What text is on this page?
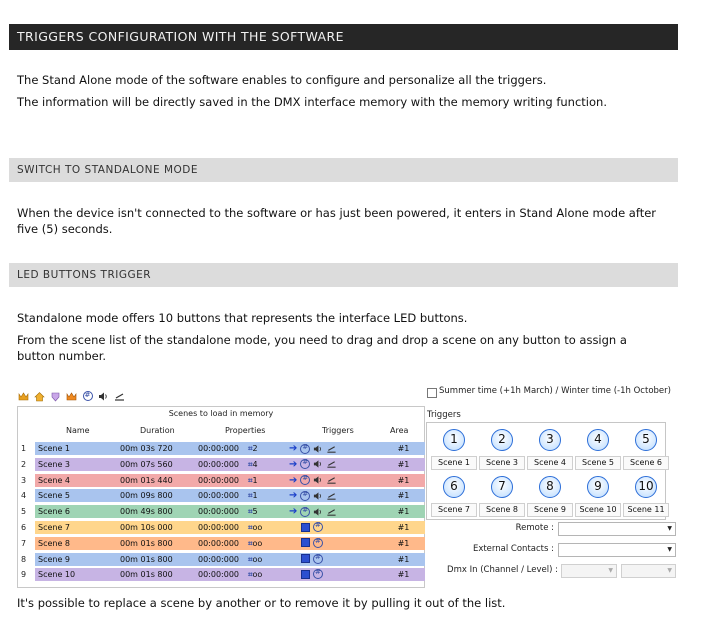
TRIGGERS CONFIGURATION WITH THE SOFTWARE
The Stand Alone mode of the software enables to configure and personalize all the triggers.
The information will be directly saved in the DMX interface memory with the memory writing function.
SWITCH TO STANDALONE MODE
When the device isn't connected to the software or has just been powered, it enters in Stand Alone mode after five (5) seconds.
LED BUTTONS TRIGGER
Standalone mode offers 10 buttons that represents the interface LED buttons.
From the scene list of the standalone mode, you need to drag and drop a scene on any button to assign a button number.
#
Scenes to load in memory
Name	Duration	Properties	Triggers	Area
1	Scene 1	00m 03s 720	00:00:000	⌗2	#1
➔
#
2	Scene 3	00m 07s 560	00:00:000	⌗4	#1
➔
#
3	Scene 4	00m 01s 440	00:00:000	⌗1	#1
➔
#
4	Scene 5	00m 09s 800	00:00:000	⌗1	#1
➔
#
5	Scene 6	00m 49s 800	00:00:000	⌗5	#1
➔
#
6	Scene 7	00m 10s 000	00:00:000	⌗oo	#1
#
7	Scene 8	00m 01s 800	00:00:000	⌗oo	#1
#
8	Scene 9	00m 01s 800	00:00:000	⌗oo	#1
#
9	Scene 10	00m 01s 800	00:00:000	⌗oo	#1
#
Summer time (+1h March) / Winter time (-1h October)
Triggers
1
Scene 1
2
Scene 3
3
Scene 4
4
Scene 5
5
Scene 6
6
Scene 7
7
Scene 8
8
Scene 9
9
Scene 10
10
Scene 11
Remote :
▼
External Contacts :
▼
Dmx In (Channel / Level) :
▼
▼
It's possible to replace a scene by another or to remove it by pulling it out of the list.
